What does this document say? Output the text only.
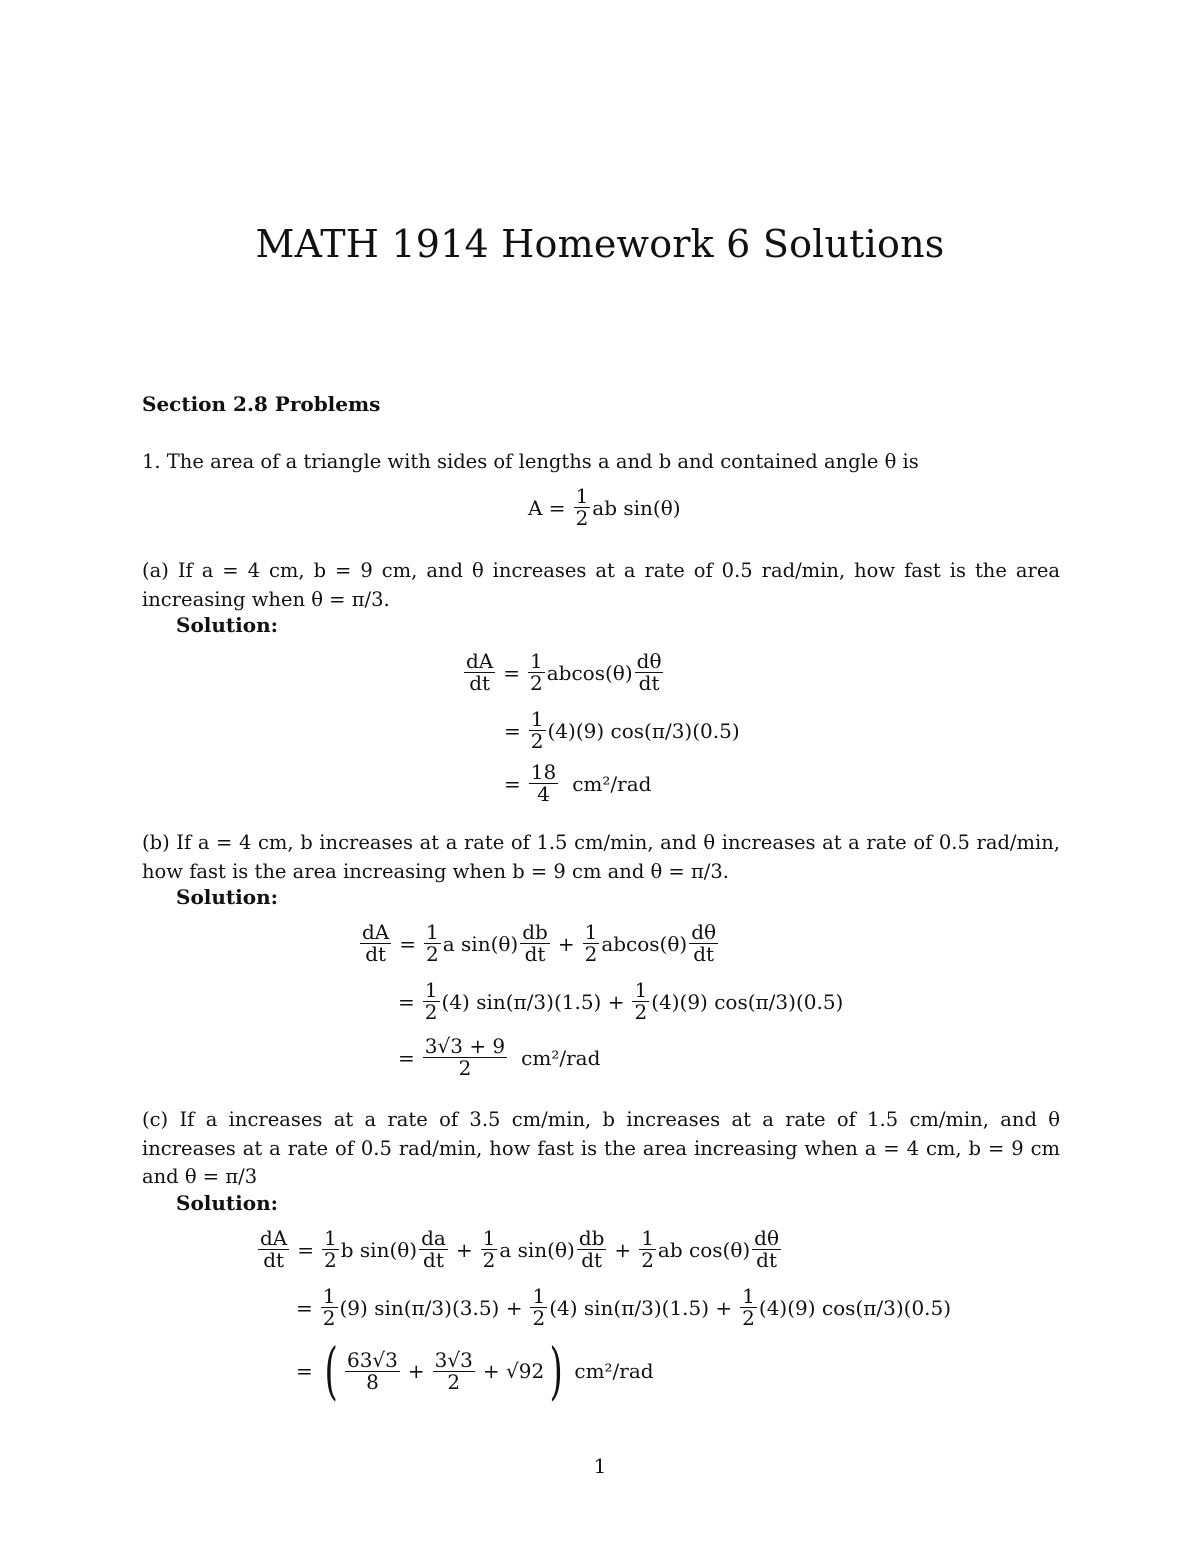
MATH 1914 Homework 6 Solutions
Section 2.8 Problems
1. The area of a triangle with sides of lengths a and b and contained angle θ is
$A = \frac{1}{2}$ ab sin(θ)
(a) If a = 4 cm, b = 9 cm, and θ increases at a rate of 0.5 rad/min, how fast is the area increasing when θ = π/3.
Solution:
$\frac{dA}{dt} = \frac{1}{2} abcos(\theta) \frac{d\theta}{dt}$
= $\frac{1}{2} (4)(9)$ cos(π/3)(0.5)
= $\frac{18}{4} cm^2/rad$
(b) If a = 4 cm, b increases at a rate of 1.5 cm/min, and θ increases at a rate of 0.5 rad/min, how fast is the area increasing when b = 9 cm and θ = π/3.
Solution:
$\frac{dA}{dt} = \frac{1}{2}$ a $\sin(\theta) \frac{db}{dt} + \frac{1}{2} abcos(\theta) \frac{d\theta}{dt}$
= $\frac{1}{2} (4) \sin(\pi/3)(1.5) + \frac{1}{2} (4)(9)$ cos(π/3)(0.5)
= $\frac{3√3 + 9}{2} cm^2/rad$
(c) If a increases at a rate of 3.5 cm/min, b increases at a rate of 1.5 cm/min, and θ increases at a rate of 0.5 rad/min, how fast is the area increasing when a = 4 cm, b = 9 cm and θ = π/3
Solution:
$\frac{dA}{dt} = \frac{1}{2}$ b $\sin(\theta) \frac{da}{dt} + \frac{1}{2}$ a $\sin(\theta) \frac{db}{dt} + \frac{1}{2}$ ab $\cos(\theta) \frac{d\theta}{dt}$
= $\frac{1}{2} (9) \sin(\pi/3)(3.5) + \frac{1}{2} (4) \sin(\pi/3)(1.5) + \frac{1}{2} (4)(9)$ cos(π/3)(0.5)
= ( $\frac{63√3}{8} + \frac{3√3}{2} + √92$ ) cm²/rad
1
